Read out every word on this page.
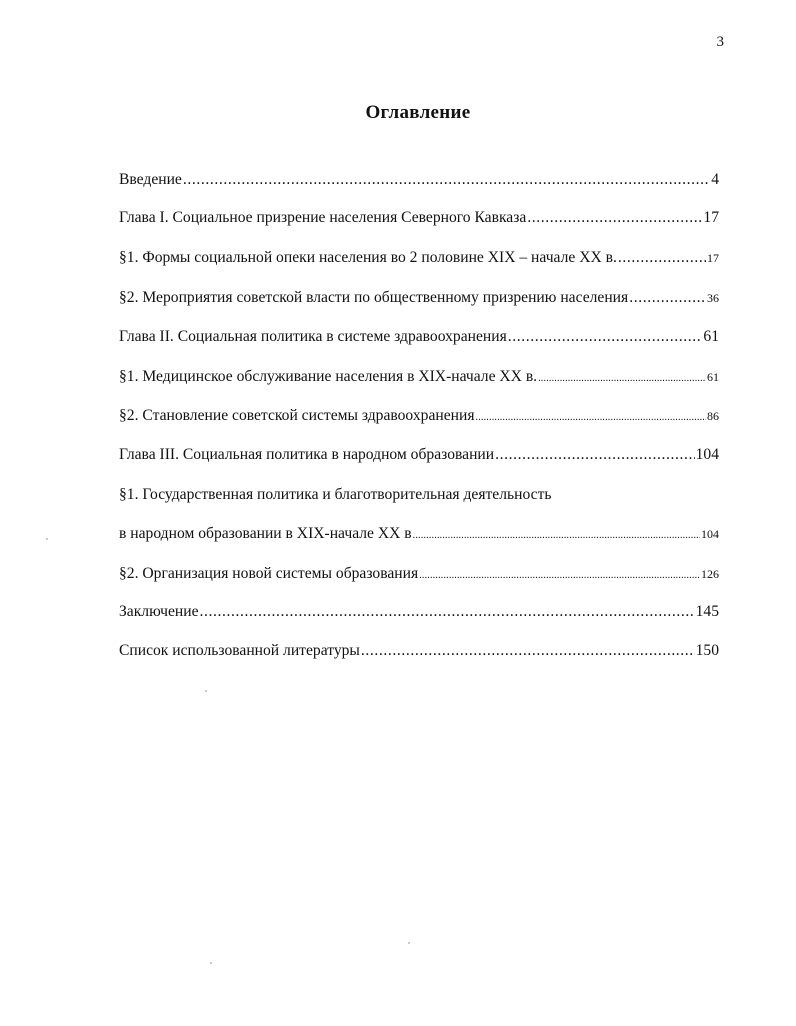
3
Оглавление
Введение .....	4
Глава I. Социальное призрение населения Северного Кавказа .....	17
§1. Формы социальной опеки населения во 2 половине XIX – начале XX в. .....	17
§2. Мероприятия советской власти по общественному призрению населения .....	36
Глава II. Социальная политика в системе здравоохранения .....	61
§1. Медицинское обслуживание населения в XIX-начале XX в. .....	61
§2. Становление советской системы здравоохранения .....	86
Глава III. Социальная политика в народном образовании .....	104
§1. Государственная политика и благотворительная деятельность
в народном образовании в XIX-начале XX в .....	104
§2. Организация новой системы образования .....	126
Заключение .....	145
Список использованной литературы .....	150
